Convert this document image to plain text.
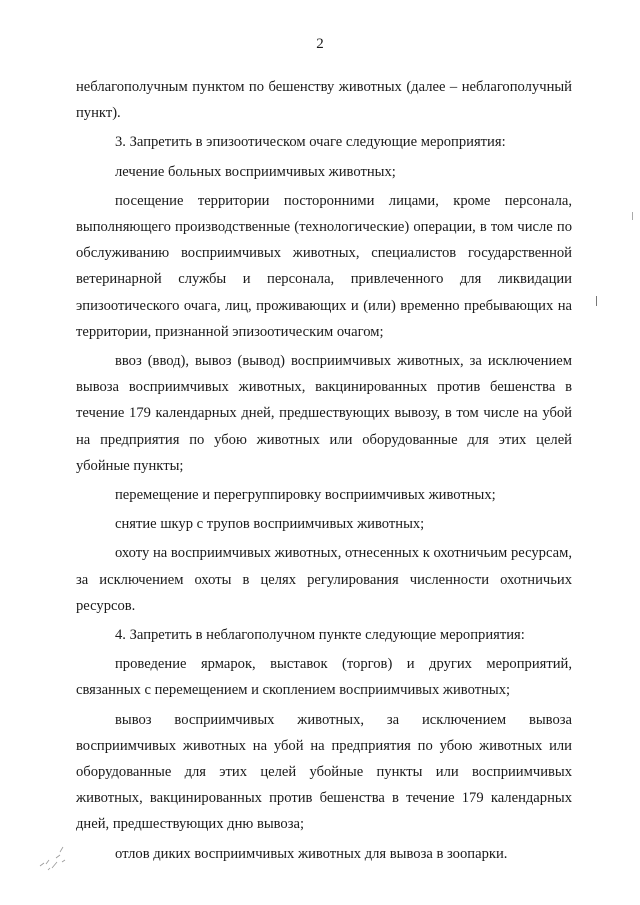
2

неблагополучным пунктом по бешенству животных (далее – неблагополучный пункт).

3. Запретить в эпизоотическом очаге следующие мероприятия:

лечение больных восприимчивых животных;

посещение территории посторонними лицами, кроме персонала, выполняющего производственные (технологические) операции, в том числе по обслуживанию восприимчивых животных, специалистов государственной ветеринарной службы и персонала, привлеченного для ликвидации эпизоотического очага, лиц, проживающих и (или) временно пребывающих на территории, признанной эпизоотическим очагом;

ввоз (ввод), вывоз (вывод) восприимчивых животных, за исключением вывоза восприимчивых животных, вакцинированных против бешенства в течение 179 календарных дней, предшествующих вывозу, в том числе на убой на предприятия по убою животных или оборудованные для этих целей убойные пункты;

перемещение и перегруппировку восприимчивых животных;

снятие шкур с трупов восприимчивых животных;

охоту на восприимчивых животных, отнесенных к охотничьим ресурсам, за исключением охоты в целях регулирования численности охотничьих ресурсов.

4. Запретить в неблагополучном пункте следующие мероприятия:

проведение ярмарок, выставок (торгов) и других мероприятий, связанных с перемещением и скоплением восприимчивых животных;

вывоз восприимчивых животных, за исключением вывоза восприимчивых животных на убой на предприятия по убою животных или оборудованные для этих целей убойные пункты или восприимчивых животных, вакцинированных против бешенства в течение 179 календарных дней, предшествующих дню вывоза;

отлов диких восприимчивых животных для вывоза в зоопарки.
